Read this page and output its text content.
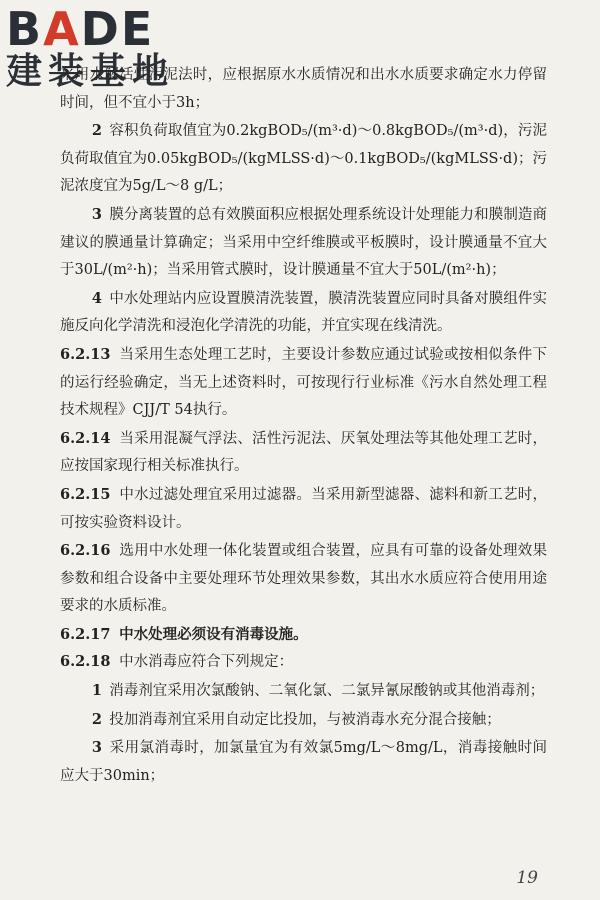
BADE
建装基地

采用水解活性污泥法时，应根据原水水质情况和出水水质要求确定水力停留时间，但不宜小于3h；

2 容积负荷取值宜为0.2kgBOD₅/(m³·d)～0.8kgBOD₅/(m³·d)，污泥负荷取值宜为0.05kgBOD₅/(kgMLSS·d)～0.1kgBOD₅/(kgMLSS·d)；污泥浓度宜为5g/L～8 g/L；

3 膜分离装置的总有效膜面积应根据处理系统设计处理能力和膜制造商建议的膜通量计算确定；当采用中空纤维膜或平板膜时，设计膜通量不宜大于30L/(m²·h)；当采用管式膜时，设计膜通量不宜大于50L/(m²·h)；

4 中水处理站内应设置膜清洗装置，膜清洗装置应同时具备对膜组件实施反向化学清洗和浸泡化学清洗的功能，并宜实现在线清洗。

6.2.13 当采用生态处理工艺时，主要设计参数应通过试验或按相似条件下的运行经验确定，当无上述资料时，可按现行行业标准《污水自然处理工程技术规程》CJJ/T 54执行。

6.2.14 当采用混凝气浮法、活性污泥法、厌氧处理法等其他处理工艺时，应按国家现行相关标准执行。

6.2.15 中水过滤处理宜采用过滤器。当采用新型滤器、滤料和新工艺时，可按实验资料设计。

6.2.16 选用中水处理一体化装置或组合装置，应具有可靠的设备处理效果参数和组合设备中主要处理环节处理效果参数，其出水水质应符合使用用途要求的水质标准。

6.2.17 中水处理必须设有消毒设施。

6.2.18 中水消毒应符合下列规定：

1 消毒剂宜采用次氯酸钠、二氧化氯、二氯异氰尿酸钠或其他消毒剂；

2 投加消毒剂宜采用自动定比投加，与被消毒水充分混合接触；

3 采用氯消毒时，加氯量宜为有效氯5mg/L～8mg/L，消毒接触时间应大于30min；

19
